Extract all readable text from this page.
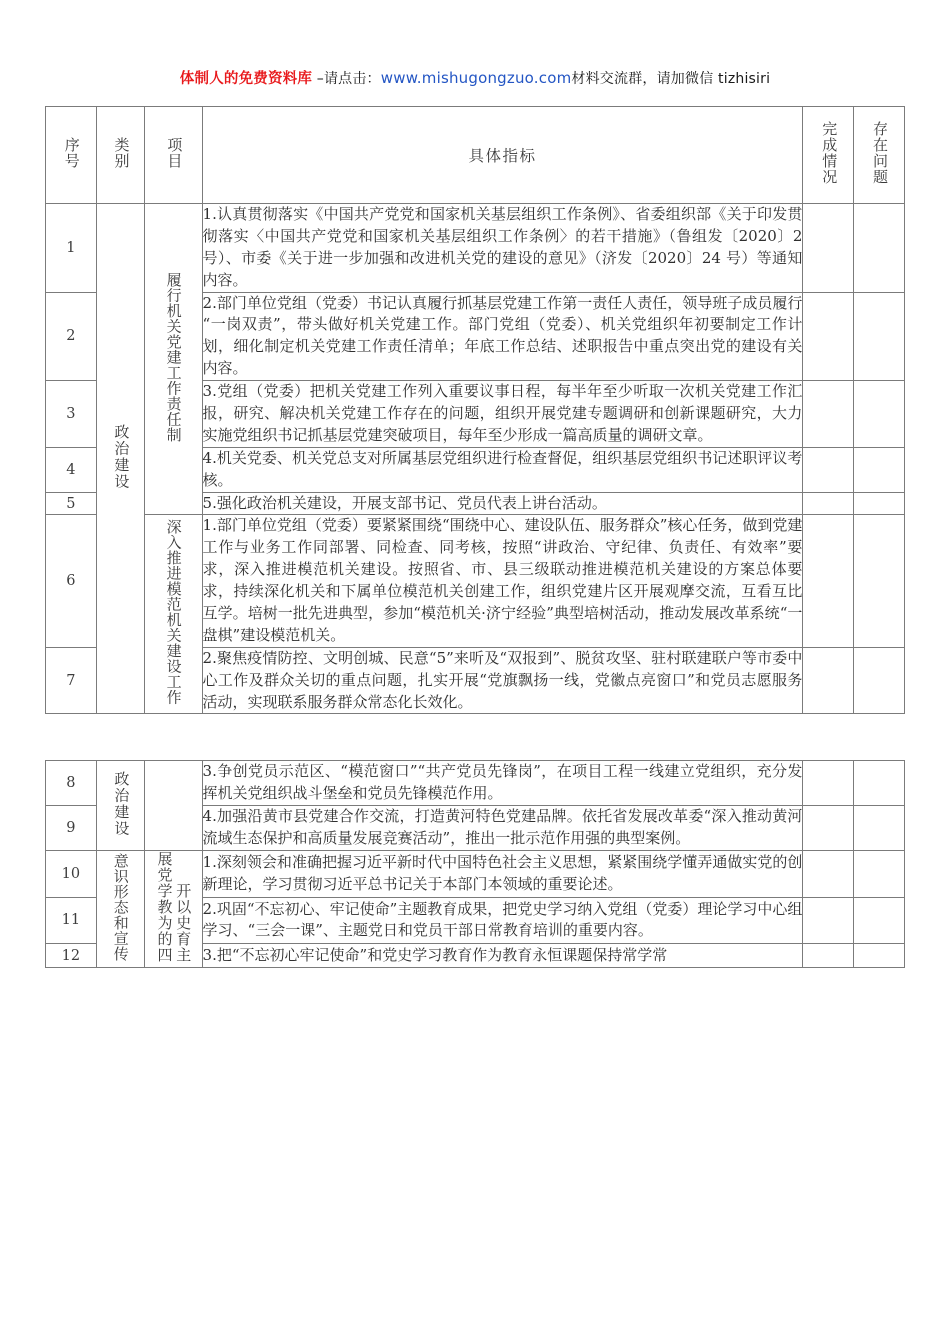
体制人的免费资料库 –请点击：www.mishugongzuo.com材料交流群，请加微信 tizhisiri
序号	类别	项目	具体指标	完成情况	存在问题
1	政治建设	履行机关党建工作责任制	1.认真贯彻落实《中国共产党党和国家机关基层组织工作条例》、省委组织部《关于印发贯彻落实〈中国共产党党和国家机关基层组织工作条例〉的若干措施》（鲁组发〔2020〕2 号）、市委《关于进一步加强和改进机关党的建设的意见》（济发〔2020〕24 号）等通知内容。		
2			2.部门单位党组（党委）书记认真履行抓基层党建工作第一责任人责任，领导班子成员履行“一岗双责”，带头做好机关党建工作。部门党组（党委）、机关党组织年初要制定工作计划，细化制定机关党建工作责任清单；年底工作总结、述职报告中重点突出党的建设有关内容。		
3			3.党组（党委）把机关党建工作列入重要议事日程，每半年至少听取一次机关党建工作汇报，研究、解决机关党建工作存在的问题，组织开展党建专题调研和创新课题研究，大力实施党组织书记抓基层党建突破项目，每年至少形成一篇高质量的调研文章。		
4			4.机关党委、机关党总支对所属基层党组织进行检查督促，组织基层党组织书记述职评议考核。		
5			5.强化政治机关建设，开展支部书记、党员代表上讲台活动。		
6		深入推进模范机关建设工作	1.部门单位党组（党委）要紧紧围绕“围绕中心、建设队伍、服务群众”核心任务，做到党建工作与业务工作同部署、同检查、同考核，按照“讲政治、守纪律、负责任、有效率”要求，深入推进模范机关建设。按照省、市、县三级联动推进模范机关建设的方案总体要求，持续深化机关和下属单位模范机关创建工作，组织党建片区开展观摩交流，互看互比互学。培树一批先进典型，参加“模范机关·济宁经验”典型培树活动，推动发展改革系统“一盘棋”建设模范机关。		
7			2.聚焦疫情防控、文明创城、民意“5”来听及“双报到”、脱贫攻坚、驻村联建联户等市委中心工作及群众关切的重点问题，扎实开展“党旗飘扬一线，党徽点亮窗口”和党员志愿服务活动，实现联系服务群众常态化长效化。		
8	政治建设		3.争创党员示范区、“模范窗口”“共产党员先锋岗”，在项目工程一线建立党组织，充分发挥机关党组织战斗堡垒和党员先锋模范作用。		
9			4.加强沿黄市县党建合作交流，打造黄河特色党建品牌。依托省发展改革委“深入推动黄河流域生态保护和高质量发展竞赛活动”，推出一批示范作用强的典型案例。		
10	意识形态和宣传	展党学教为的四开以史育主	1.深刻领会和准确把握习近平新时代中国特色社会主义思想，紧紧围绕学懂弄通做实党的创新理论，学习贯彻习近平总书记关于本部门本领域的重要论述。		
11			2.巩固“不忘初心、牢记使命”主题教育成果，把党史学习纳入党组（党委）理论学习中心组学习、“三会一课”、主题党日和党员干部日常教育培训的重要内容。		
12			3.把“不忘初心牢记使命”和党史学习教育作为教育永恒课题保持常学常		
